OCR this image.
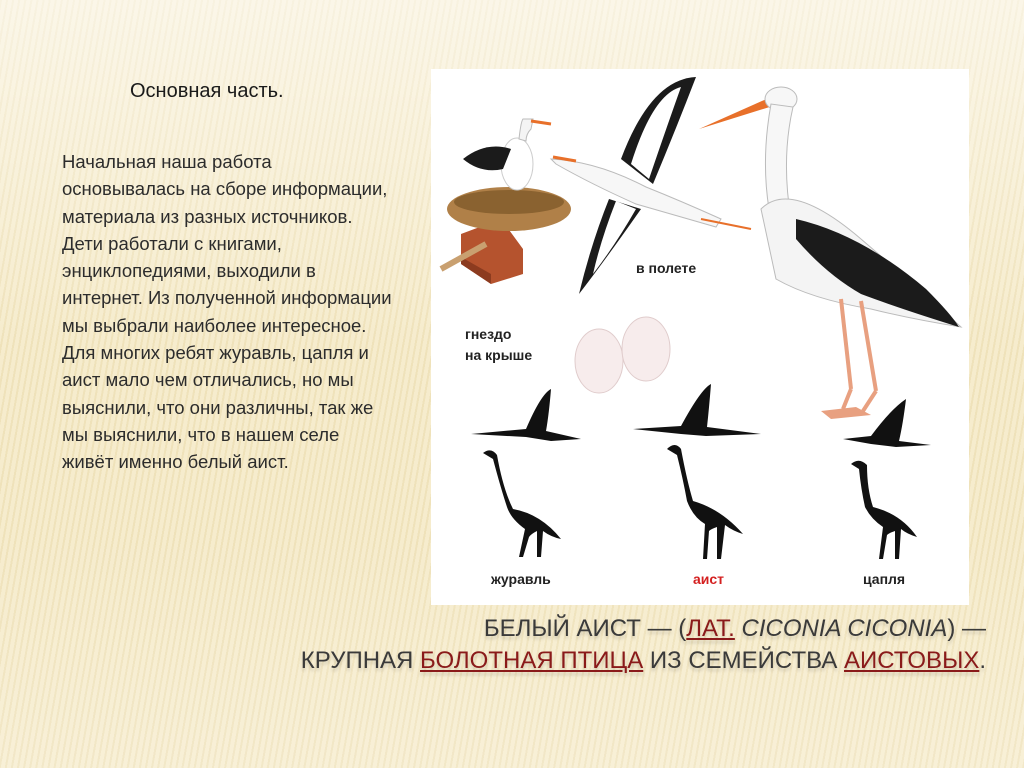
Основная часть.
Начальная наша работа основывалась на сборе информации, материала из разных источников. Дети работали с книгами, энциклопедиями, выходили в интернет. Из полученной информации мы выбрали наиболее интересное. Для многих ребят журавль, цапля и аист мало чем отличались, но мы выяснили, что они различны, так же мы выяснили, что в нашем селе живёт именно белый аист.
в полете
гнездо
на крыше
журавль	аист	цапля
БЕЛЫЙ АИСТ — (ЛАТ. CICONIA CICONIA) —
КРУПНАЯ БОЛОТНАЯ ПТИЦА ИЗ СЕМЕЙСТВА АИСТОВЫХ.
